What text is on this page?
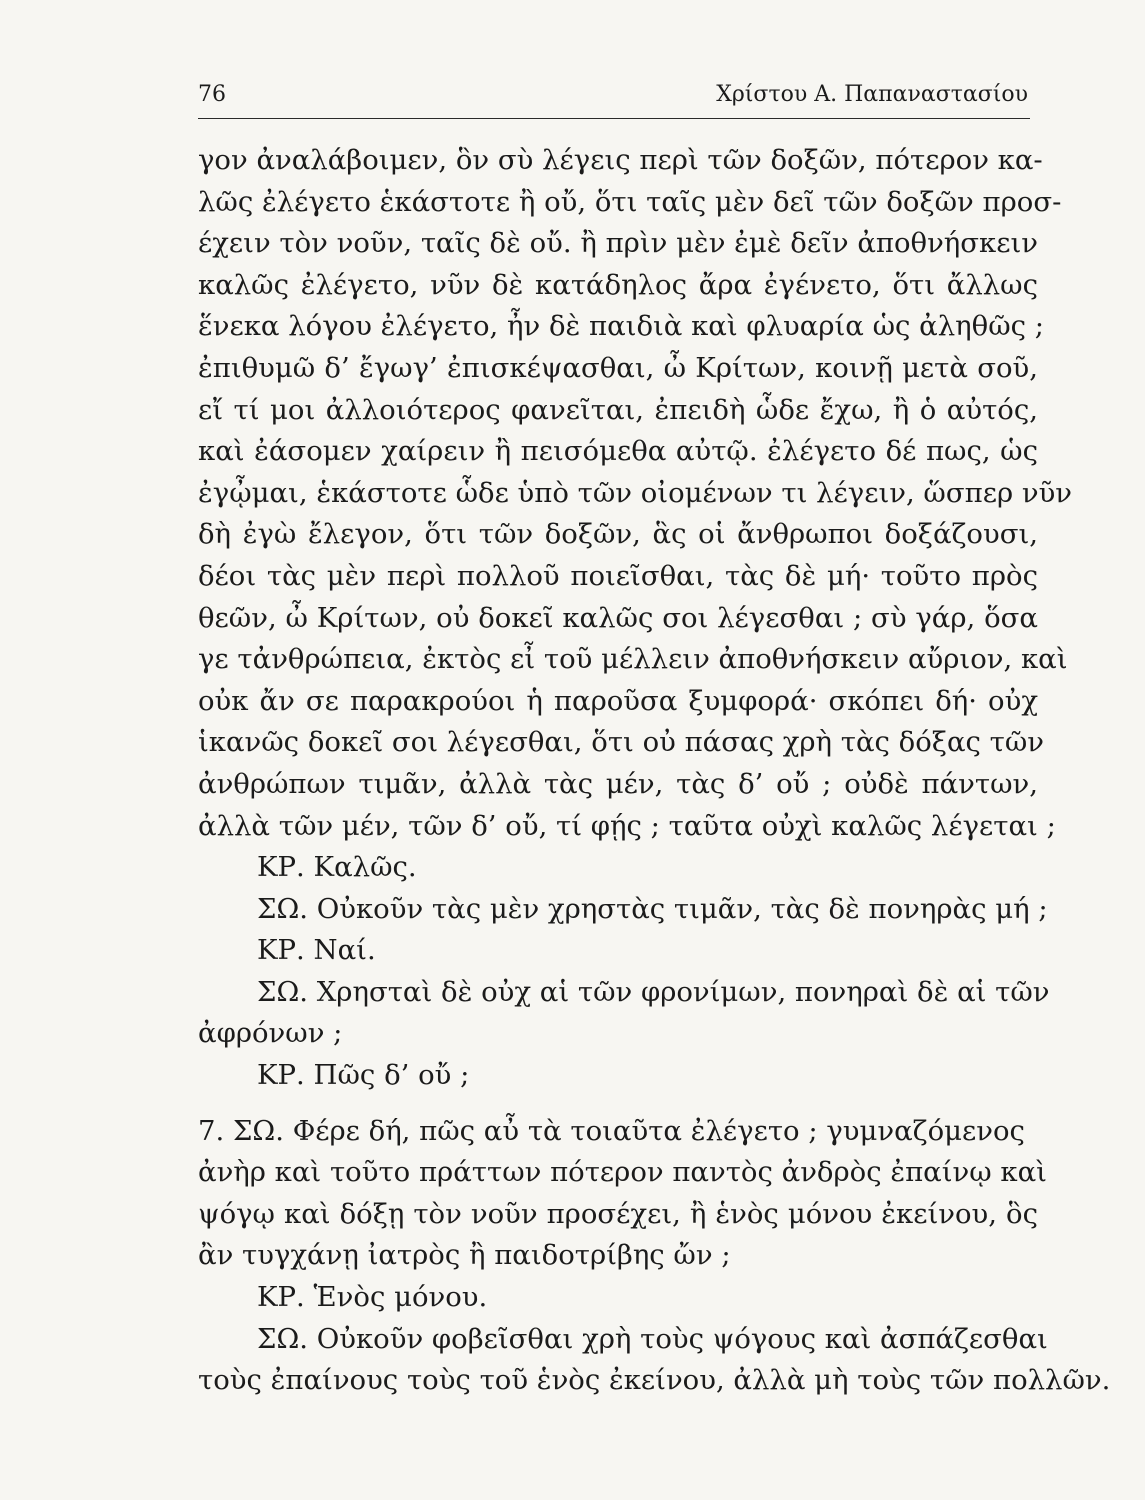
76	Χρίστου Α. Παπαναστασίου
γον ἀναλάβοιμεν, ὃν σὺ λέγεις περὶ τῶν δοξῶν, πότερον κα-
λῶς ἐλέγετο ἑκάστοτε ἢ οὔ, ὅτι ταῖς μὲν δεῖ τῶν δοξῶν προσ-
έχειν τὸν νοῦν, ταῖς δὲ οὔ. ἢ πρὶν μὲν ἐμὲ δεῖν ἀποθνήσκειν
καλῶς ἐλέγετο, νῦν δὲ κατάδηλος ἄρα ἐγένετο, ὅτι ἄλλως
ἕνεκα λόγου ἐλέγετο, ἦν δὲ παιδιὰ καὶ φλυαρία ὡς ἀληθῶς ;
ἐπιθυμῶ δ’ ἔγωγ’ ἐπισκέψασθαι, ὦ Κρίτων, κοινῇ μετὰ σοῦ,
εἴ τί μοι ἀλλοιότερος φανεῖται, ἐπειδὴ ὧδε ἔχω, ἢ ὁ αὐτός,
καὶ ἐάσομεν χαίρειν ἢ πεισόμεθα αὐτῷ. ἐλέγετο δέ πως, ὡς
ἐγᾦμαι, ἑκάστοτε ὧδε ὑπὸ τῶν οἰομένων τι λέγειν, ὥσπερ νῦν
δὴ ἐγὼ ἔλεγον, ὅτι τῶν δοξῶν, ἃς οἱ ἄνθρωποι δοξάζουσι,
δέοι τὰς μὲν περὶ πολλοῦ ποιεῖσθαι, τὰς δὲ μή· τοῦτο πρὸς
θεῶν, ὦ Κρίτων, οὐ δοκεῖ καλῶς σοι λέγεσθαι ; σὺ γάρ, ὅσα
γε τἀνθρώπεια, ἐκτὸς εἶ τοῦ μέλλειν ἀποθνήσκειν αὔριον, καὶ
οὐκ ἄν σε παρακρούοι ἡ παροῦσα ξυμφορά· σκόπει δή· οὐχ
ἱκανῶς δοκεῖ σοι λέγεσθαι, ὅτι οὐ πάσας χρὴ τὰς δόξας τῶν
ἀνθρώπων τιμᾶν, ἀλλὰ τὰς μέν, τὰς δ’ οὔ ; οὐδὲ πάντων,
ἀλλὰ τῶν μέν, τῶν δ’ οὔ, τί φῄς ; ταῦτα οὐχὶ καλῶς λέγεται ;
ΚΡ. Καλῶς.
ΣΩ. Οὐκοῦν τὰς μὲν χρηστὰς τιμᾶν, τὰς δὲ πονηρὰς μή ;
ΚΡ. Ναί.
ΣΩ. Χρησταὶ δὲ οὐχ αἱ τῶν φρονίμων, πονηραὶ δὲ αἱ τῶν
ἀφρόνων ;
ΚΡ. Πῶς δ’ οὔ ;
7. ΣΩ. Φέρε δή, πῶς αὖ τὰ τοιαῦτα ἐλέγετο ; γυμναζόμενος
ἀνὴρ καὶ τοῦτο πράττων πότερον παντὸς ἀνδρὸς ἐπαίνῳ καὶ
ψόγῳ καὶ δόξῃ τὸν νοῦν προσέχει, ἢ ἑνὸς μόνου ἐκείνου, ὃς
ἂν τυγχάνῃ ἰατρὸς ἢ παιδοτρίβης ὤν ;
ΚΡ. Ἑνὸς μόνου.
ΣΩ. Οὐκοῦν φοβεῖσθαι χρὴ τοὺς ψόγους καὶ ἀσπάζεσθαι
τοὺς ἐπαίνους τοὺς τοῦ ἑνὸς ἐκείνου, ἀλλὰ μὴ τοὺς τῶν πολλῶν.
